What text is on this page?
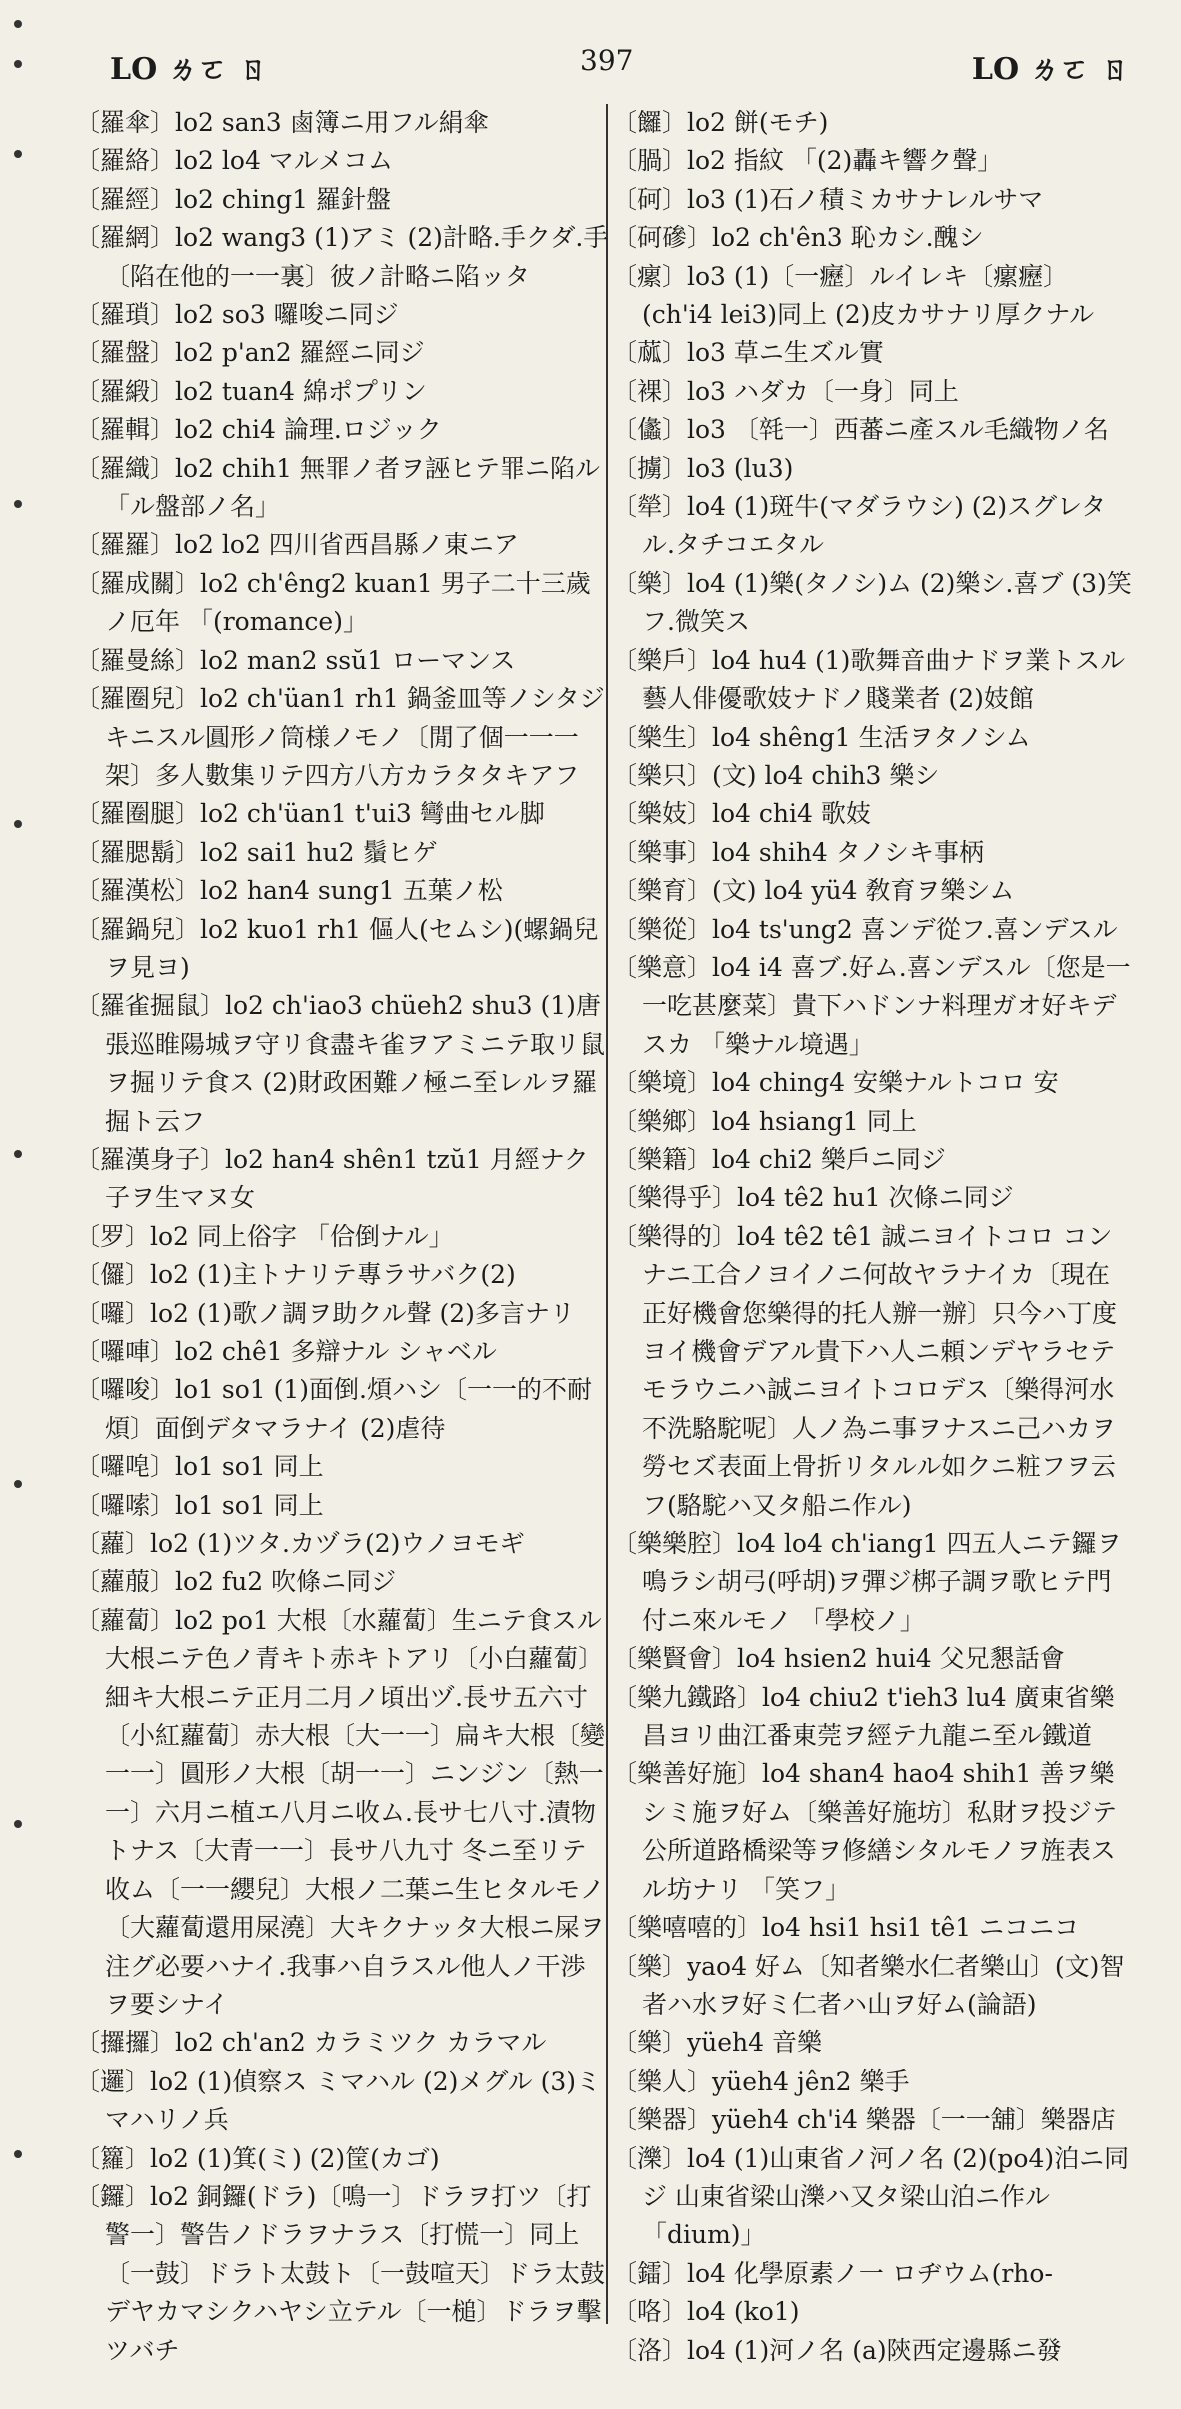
LO ㄌㄛ ㄖ	397	LO ㄌㄛ ㄖ

〔羅傘〕lo2 san3 鹵簿ニ用フル絹傘

〔羅絡〕lo2 lo4 マルメコム

〔羅經〕lo2 ching1 羅針盤

〔羅網〕lo2 wang3 (1)アミ (2)計略.手クダ.手〔陷在他的一一裏〕彼ノ計略ニ陷ッタ

〔羅瑣〕lo2 so3 囉唆ニ同ジ

〔羅盤〕lo2 p'an2 羅經ニ同ジ

〔羅緞〕lo2 tuan4 綿ポプリン

〔羅輯〕lo2 chi4 論理.ロジック

〔羅織〕lo2 chih1 無罪ノ者ヲ誣ヒテ罪ニ陷ル 「ル盤部ノ名」

〔羅羅〕lo2 lo2 四川省西昌縣ノ東ニア

〔羅成關〕lo2 ch'êng2 kuan1 男子二十三歲ノ厄年 「(romance)」

〔羅曼絲〕lo2 man2 ssŭ1 ローマンス

〔羅圈兒〕lo2 ch'üan1 rh1 鍋釜皿等ノシタジキニスル圓形ノ筒様ノモノ〔閒了個一一一架〕多人數集リテ四方八方カラタタキアフ

〔羅圈腿〕lo2 ch'üan1 t'ui3 彎曲セル脚

〔羅腮鬍〕lo2 sai1 hu2 鬚ヒゲ

〔羅漢松〕lo2 han4 sung1 五葉ノ松

〔羅鍋兒〕lo2 kuo1 rh1 傴人(セムシ)(螺鍋兒ヲ見ヨ)

〔羅雀掘鼠〕lo2 ch'iao3 chüeh2 shu3 (1)唐張巡睢陽城ヲ守リ食盡キ雀ヲアミニテ取リ鼠ヲ掘リテ食ス (2)財政困難ノ極ニ至レルヲ羅掘ト云フ

〔羅漢身子〕lo2 han4 shên1 tzŭ1 月經ナク子ヲ生マヌ女

〔罗〕lo2 同上俗字 「佮倒ナル」

〔儸〕lo2 (1)主トナリテ專ラサバク(2)

〔囉〕lo2 (1)歌ノ調ヲ助クル聲 (2)多言ナリ

〔囉唓〕lo2 chê1 多辯ナル シャベル

〔囉唆〕lo1 so1 (1)面倒.煩ハシ〔一一的不耐煩〕面倒デタマラナイ (2)虐待

〔囉唣〕lo1 so1 同上

〔囉嗦〕lo1 so1 同上

〔蘿〕lo2 (1)ツタ.カヅラ(2)ウノヨモギ

〔蘿菔〕lo2 fu2 吹條ニ同ジ

〔蘿蔔〕lo2 po1 大根〔水蘿蔔〕生ニテ食スル大根ニテ色ノ青キト赤キトアリ〔小白蘿蔔〕細キ大根ニテ正月二月ノ頃出ヅ.長サ五六寸〔小紅蘿蔔〕赤大根〔大一一〕扁キ大根〔變一一〕圓形ノ大根〔胡一一〕ニンジン〔熱一一〕六月ニ植エ八月ニ收ム.長サ七八寸.漬物トナス〔大青一一〕長サ八九寸 冬ニ至リテ收ム〔一一纓兒〕大根ノ二葉ニ生ヒタルモノ〔大蘿蔔還用屎澆〕大キクナッタ大根ニ屎ヲ注グ必要ハナイ.我事ハ自ラスル他人ノ干渉ヲ要シナイ

〔攞攞〕lo2 ch'an2 カラミツク カラマル

〔邏〕lo2 (1)偵察ス ミマハル (2)メグル (3)ミマハリノ兵

〔籮〕lo2 (1)箕(ミ) (2)筐(カゴ)

〔鑼〕lo2 銅鑼(ドラ)〔鳴一〕ドラヲ打ツ〔打警一〕警告ノドラヲナラス〔打慌一〕同上〔一鼓〕ドラト太鼓ト〔一鼓喧天〕ドラ太鼓デヤカマシクハヤシ立テル〔一槌〕ドラヲ擊ツバチ

〔饠〕lo2 餅(モチ)

〔腡〕lo2 指紋 「(2)轟キ響ク聲」

〔砢〕lo3 (1)石ノ積ミカサナレルサマ

〔砢磣〕lo2 ch'ên3 恥カシ.醜シ

〔瘰〕lo3 (1)〔一癧〕ルイレキ〔瘰癧〕(ch'i4 lei3)同上 (2)皮カサナリ厚クナル

〔蓏〕lo3 草ニ生ズル實

〔裸〕lo3 ハダカ〔一身〕同上

〔㒩〕lo3 〔㲞一〕西蕃ニ產スル毛織物ノ名

〔擄〕lo3 (lu3)

〔犖〕lo4 (1)斑牛(マダラウシ) (2)スグレタル.タチコエタル

〔樂〕lo4 (1)樂(タノシ)ム (2)樂シ.喜ブ (3)笑フ.微笑ス

〔樂戶〕lo4 hu4 (1)歌舞音曲ナドヲ業トスル藝人俳優歌妓ナドノ賤業者 (2)妓館

〔樂生〕lo4 shêng1 生活ヲタノシム

〔樂只〕(文) lo4 chih3 樂シ

〔樂妓〕lo4 chi4 歌妓

〔樂事〕lo4 shih4 タノシキ事柄

〔樂育〕(文) lo4 yü4 敎育ヲ樂シム

〔樂從〕lo4 ts'ung2 喜ンデ從フ.喜ンデスル

〔樂意〕lo4 i4 喜ブ.好ム.喜ンデスル〔您是一一吃甚麼菜〕貴下ハドンナ料理ガオ好キデスカ 「樂ナル境遇」

〔樂境〕lo4 ching4 安樂ナルトコロ 安

〔樂鄉〕lo4 hsiang1 同上

〔樂籍〕lo4 chi2 樂戶ニ同ジ

〔樂得乎〕lo4 tê2 hu1 次條ニ同ジ

〔樂得的〕lo4 tê2 tê1 誠ニヨイトコロ コンナニ工合ノヨイノニ何故ヤラナイカ〔現在正好機會您樂得的托人辦一辦〕只今ハ丁度ヨイ機會デアル貴下ハ人ニ頼ンデヤラセテモラウニハ誠ニヨイトコロデス〔樂得河水不洗駱駝呢〕人ノ為ニ事ヲナスニ己ハカヲ勞セズ表面上骨折リタルル如クニ粧フヲ云フ(駱駝ハ又タ船ニ作ル)

〔樂樂腔〕lo4 lo4 ch'iang1 四五人ニテ鑼ヲ鳴ラシ胡弓(呼胡)ヲ彈ジ梆子調ヲ歌ヒテ門付ニ來ルモノ 「學校ノ」

〔樂賢會〕lo4 hsien2 hui4 父兄懇話會

〔樂九鐵路〕lo4 chiu2 t'ieh3 lu4 廣東省樂昌ヨリ曲江番東莞ヲ經テ九龍ニ至ル鐵道

〔樂善好施〕lo4 shan4 hao4 shih1 善ヲ樂シミ施ヲ好ム〔樂善好施坊〕私財ヲ投ジテ公所道路橋梁等ヲ修繕シタルモノヲ旌表スル坊ナリ 「笑フ」

〔樂嘻嘻的〕lo4 hsi1 hsi1 tê1 ニコニコ

〔樂〕yao4 好ム〔知者樂水仁者樂山〕(文)智者ハ水ヲ好ミ仁者ハ山ヲ好ム(論語)

〔樂〕yüeh4 音樂

〔樂人〕yüeh4 jên2 樂手

〔樂器〕yüeh4 ch'i4 樂器〔一一舖〕樂器店

〔濼〕lo4 (1)山東省ノ河ノ名 (2)(po4)泊ニ同ジ 山東省梁山濼ハ又タ梁山泊ニ作ル 「dium)」

〔鐳〕lo4 化學原素ノ一 ロヂウム(rho-

〔咯〕lo4 (ko1)

〔洛〕lo4 (1)河ノ名 (a)陝西定邊縣ニ發
